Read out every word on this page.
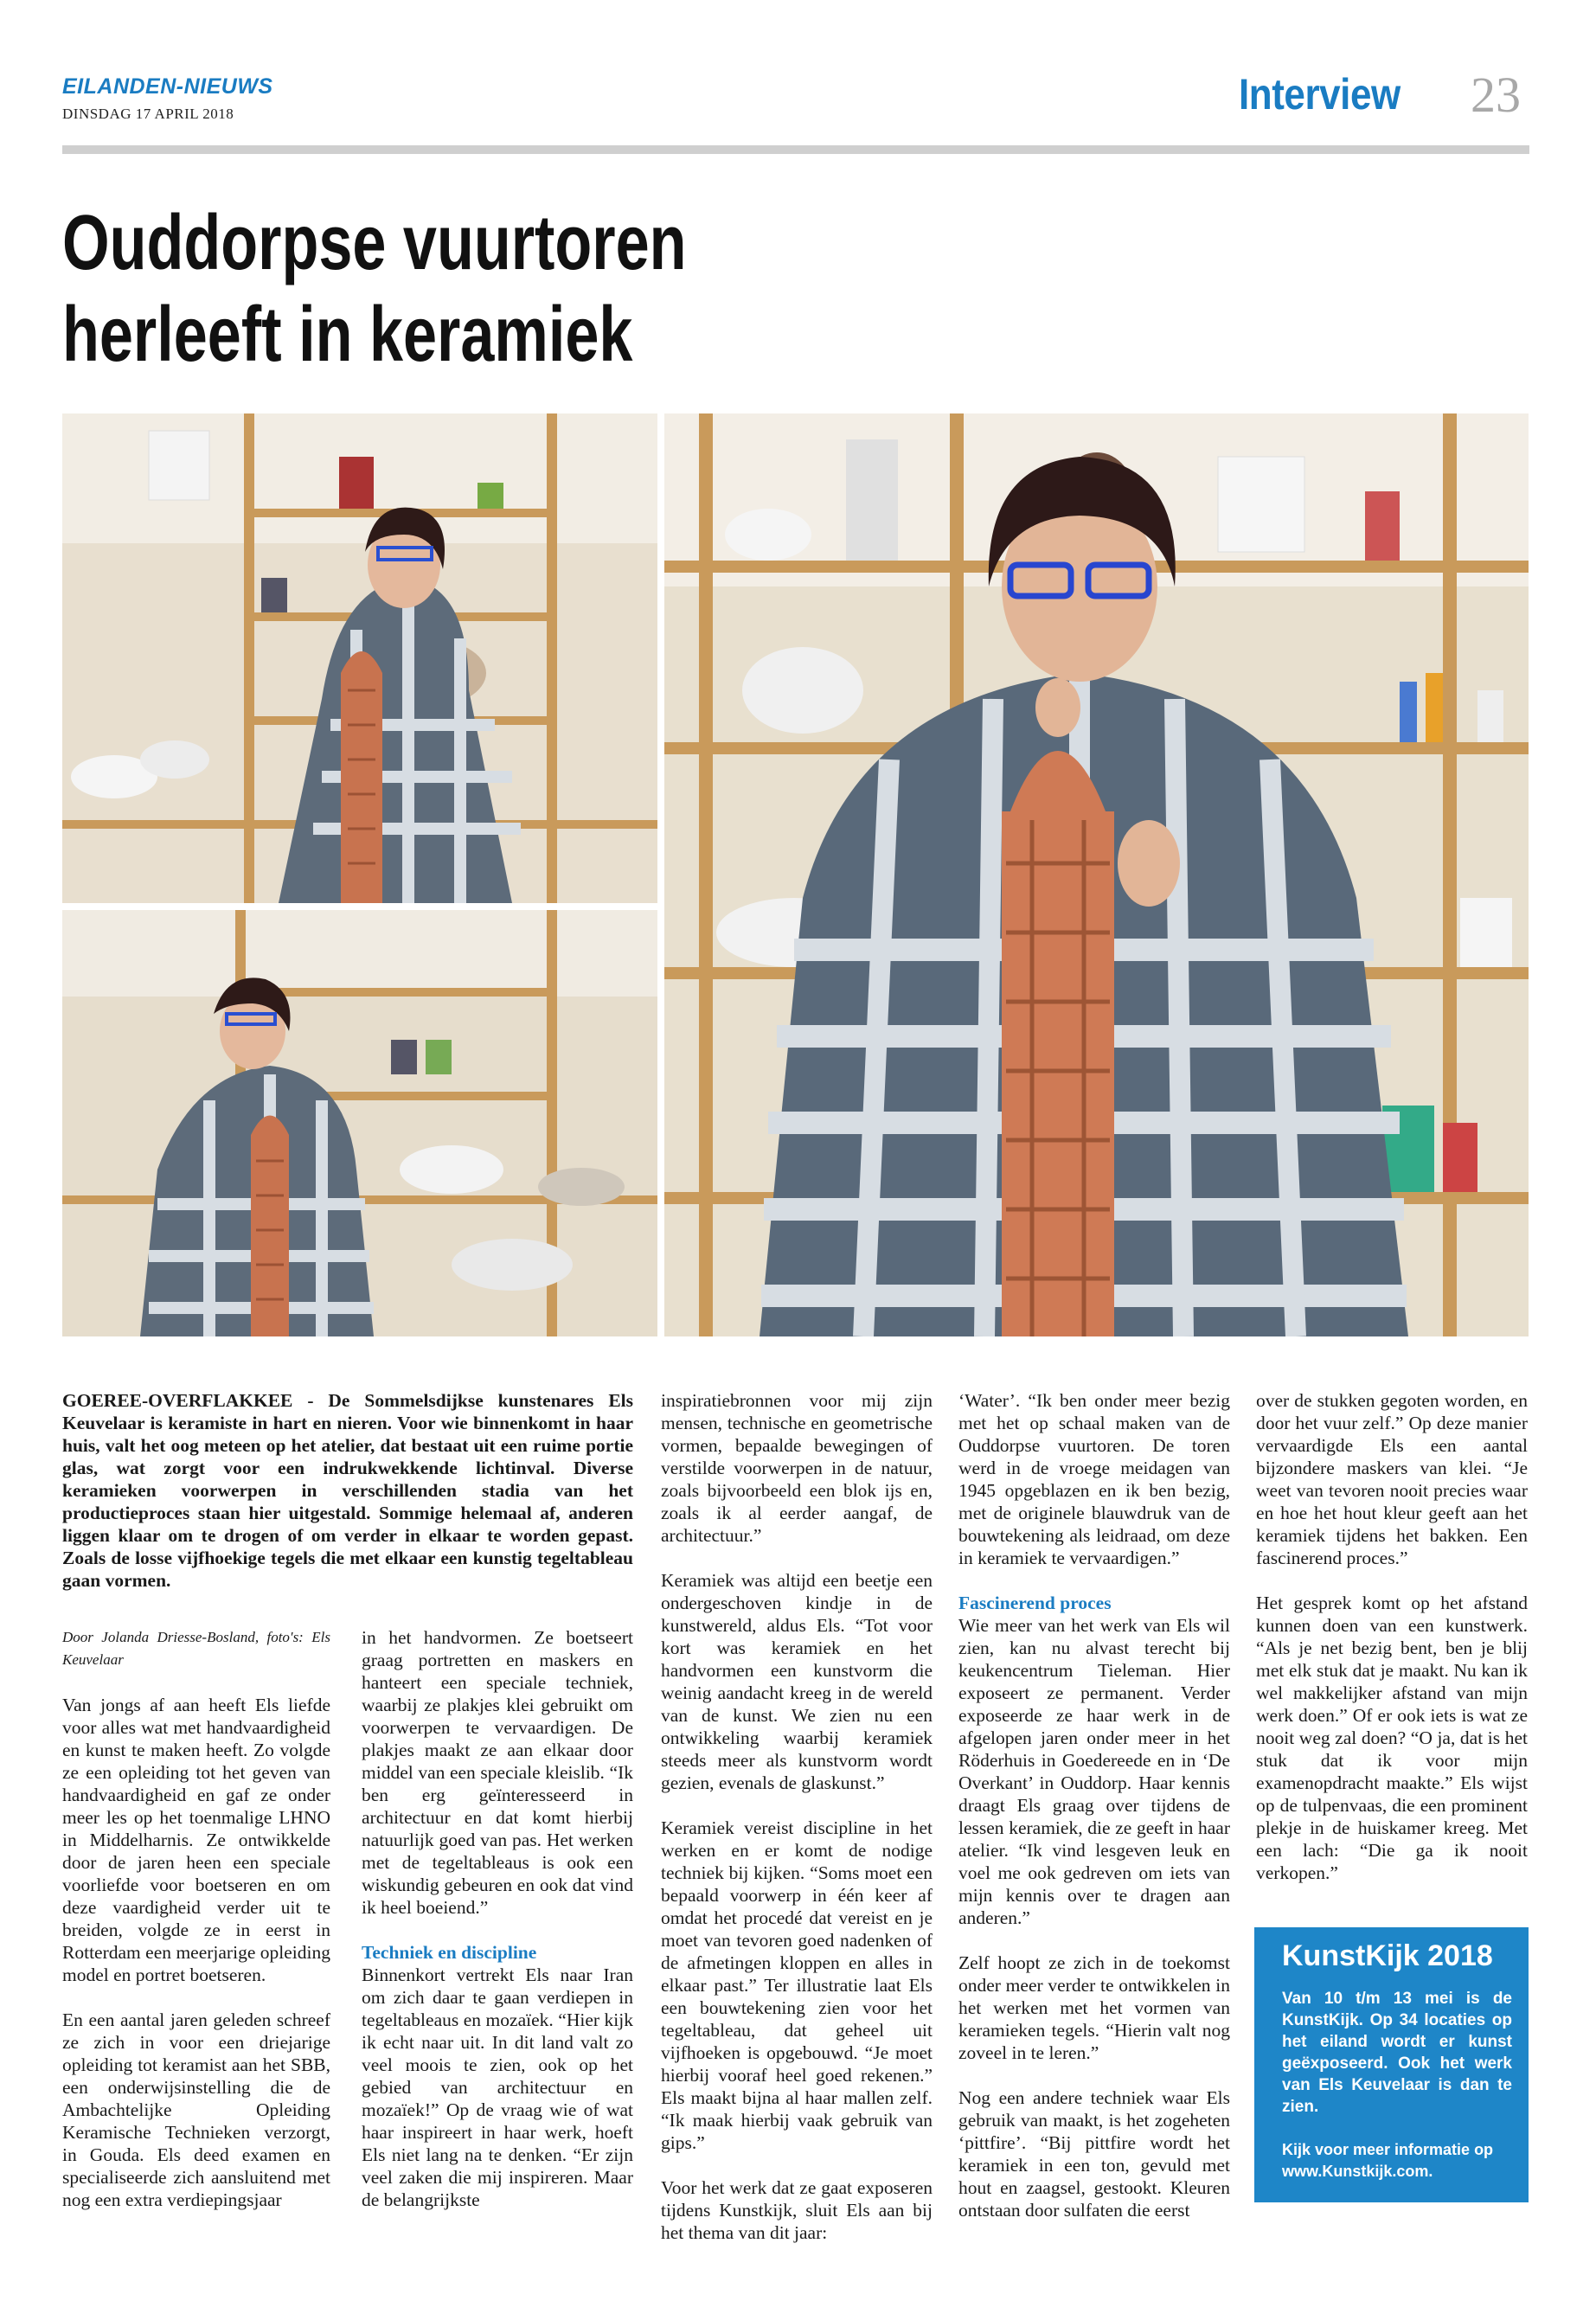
EILANDEN-NIEUWS
DINSDAG 17 APRIL 2018	Interview 23
Ouddorpse vuurtoren
herleeft in keramiek
GOEREE-OVERFLAKKEE - De Sommelsdijkse kunstenares Els Keuvelaar is keramiste in hart en nieren. Voor wie binnenkomt in haar huis, valt het oog meteen op het atelier, dat bestaat uit een ruime portie glas, wat zorgt voor een indrukwekkende lichtinval. Diverse keramieken voorwerpen in verschillenden stadia van het productieproces staan hier uitgestald. Sommige helemaal af, anderen liggen klaar om te drogen of om verder in elkaar te worden gepast. Zoals de losse vijfhoekige tegels die met elkaar een kunstig tegeltableau gaan vormen.
Door Jolanda Driesse-Bosland, foto's: Els Keuvelaar

Van jongs af aan heeft Els liefde voor alles wat met handvaardigheid en kunst te maken heeft. Zo volgde ze een opleiding tot het geven van handvaardigheid en gaf ze onder meer les op het toenmalige LHNO in Middelharnis. Ze ontwikkelde door de jaren heen een speciale voorliefde voor boetseren en om deze vaardigheid verder uit te breiden, volgde ze in eerst in Rotterdam een meerjarige opleiding model en portret boetseren.

En een aantal jaren geleden schreef ze zich in voor een driejarige opleiding tot keramist aan het SBB, een onderwijsinstelling die de Ambachtelijke Opleiding Keramische Technieken verzorgt, in Gouda. Els deed examen en specialiseerde zich aansluitend met nog een extra verdiepingsjaar

in het handvormen. Ze boetseert graag portretten en maskers en hanteert een speciale techniek, waarbij ze plakjes klei gebruikt om voorwerpen te vervaardigen. De plakjes maakt ze aan elkaar door middel van een speciale kleislib. “Ik ben erg geïnteresseerd in architectuur en dat komt hierbij natuurlijk goed van pas. Het werken met de tegeltableaus is ook een wiskundig gebeuren en ook dat vind ik heel boeiend.”

Techniek en discipline

Binnenkort vertrekt Els naar Iran om zich daar te gaan verdiepen in tegeltableaus en mozaïek. “Hier kijk ik echt naar uit. In dit land valt zo veel moois te zien, ook op het gebied van architectuur en mozaïek!” Op de vraag wie of wat haar inspireert in haar werk, hoeft Els niet lang na te denken. “Er zijn veel zaken die mij inspireren. Maar de belangrijkste

inspiratiebronnen voor mij zijn mensen, technische en geometrische vormen, bepaalde bewegingen of verstilde voorwerpen in de natuur, zoals bijvoorbeeld een blok ijs en, zoals ik al eerder aangaf, de architectuur.”

Keramiek was altijd een beetje een ondergeschoven kindje in de kunstwereld, aldus Els. “Tot voor kort was keramiek en het handvormen een kunstvorm die weinig aandacht kreeg in de wereld van de kunst. We zien nu een ontwikkeling waarbij keramiek steeds meer als kunstvorm wordt gezien, evenals de glaskunst.”

Keramiek vereist discipline in het werken en er komt de nodige techniek bij kijken. “Soms moet een bepaald voorwerp in één keer af omdat het procedé dat vereist en je moet van tevoren goed nadenken of de afmetingen kloppen en alles in elkaar past.” Ter illustratie laat Els een bouwtekening zien voor het tegeltableau, dat geheel uit vijfhoeken is opgebouwd. “Je moet hierbij vooraf heel goed rekenen.” Els maakt bijna al haar mallen zelf. “Ik maak hierbij vaak gebruik van gips.”

Voor het werk dat ze gaat exposeren tijdens Kunstkijk, sluit Els aan bij het thema van dit jaar:

‘Water’. “Ik ben onder meer bezig met het op schaal maken van de Ouddorpse vuurtoren. De toren werd in de vroege meidagen van 1945 opgeblazen en ik ben bezig, met de originele blauwdruk van de bouwtekening als leidraad, om deze in keramiek te vervaardigen.”

Fascinerend proces

Wie meer van het werk van Els wil zien, kan nu alvast terecht bij keukencentrum Tieleman. Hier exposeert ze permanent. Verder exposeerde ze haar werk in de afgelopen jaren onder meer in het Röderhuis in Goedereede en in ‘De Overkant’ in Ouddorp. Haar kennis draagt Els graag over tijdens de lessen keramiek, die ze geeft in haar atelier. “Ik vind lesgeven leuk en voel me ook gedreven om iets van mijn kennis over te dragen aan anderen.”

Zelf hoopt ze zich in de toekomst onder meer verder te ontwikkelen in het werken met het vormen van keramieken tegels. “Hierin valt nog zoveel in te leren.”

Nog een andere techniek waar Els gebruik van maakt, is het zogeheten ‘pittfire’. “Bij pittfire wordt het keramiek in een ton, gevuld met hout en zaagsel, gestookt. Kleuren ontstaan door sulfaten die eerst

over de stukken gegoten worden, en door het vuur zelf.” Op deze manier vervaardigde Els een aantal bijzondere maskers van klei. “Je weet van tevoren nooit precies waar en hoe het hout kleur geeft aan het keramiek tijdens het bakken. Een fascinerend proces.”

Het gesprek komt op het afstand kunnen doen van een kunstwerk. “Als je net bezig bent, ben je blij met elk stuk dat je maakt. Nu kan ik wel makkelijker afstand van mijn werk doen.” Of er ook iets is wat ze nooit weg zal doen? “O ja, dat is het stuk dat ik voor mijn examenopdracht maakte.” Els wijst op de tulpenvaas, die een prominent plekje in de huiskamer kreeg. Met een lach: “Die ga ik nooit verkopen.”

KunstKijk 2018
Van 10 t/m 13 mei is de KunstKijk. Op 34 locaties op het eiland wordt er kunst geëxposeerd. Ook het werk van Els Keuvelaar is dan te zien.
Kijk voor meer informatie op www.Kunstkijk.com.
